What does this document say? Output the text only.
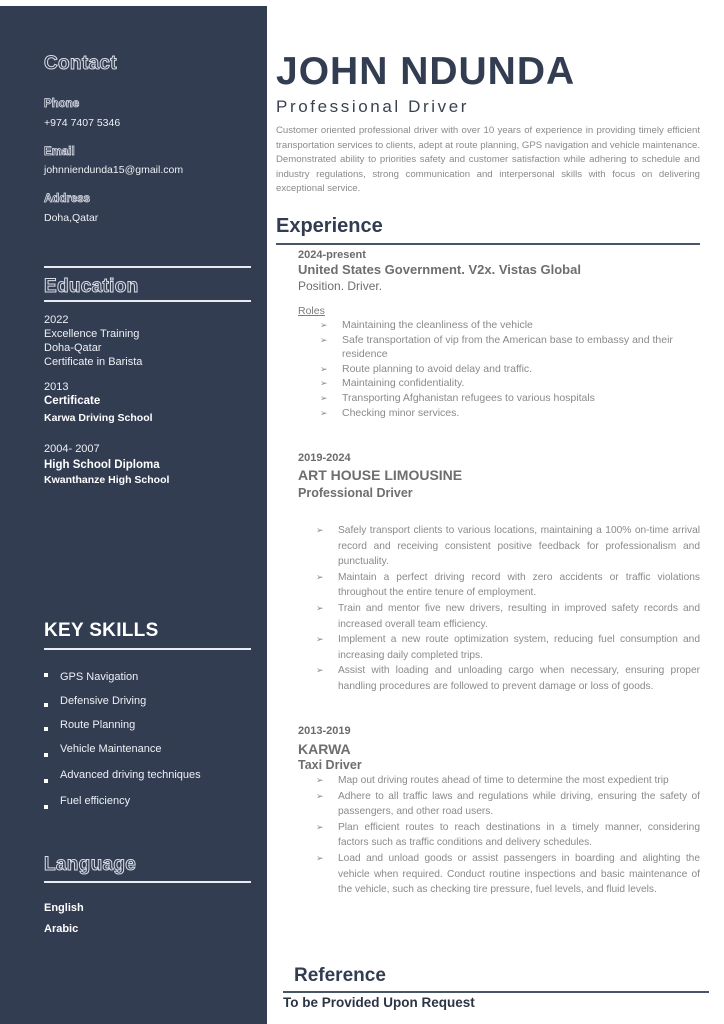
Contact
Phone
+974 7407 5346
Email
johnniendunda15@gmail.com
Address
Doha,Qatar
Education
2022
Excellence Training
Doha-Qatar
Certificate in Barista
2013
Certificate
Karwa Driving School
2004- 2007
High School Diploma
Kwanthanze High School
KEY SKILLS
GPS Navigation
Defensive Driving
Route Planning
Vehicle Maintenance
Advanced driving techniques
Fuel efficiency
Language
English
Arabic
JOHN NDUNDA
Professional Driver
Customer oriented professional driver with over 10 years of experience in providing timely efficient transportation services to clients, adept at route planning, GPS navigation and vehicle maintenance. Demonstrated ability to priorities safety and customer satisfaction while adhering to schedule and industry regulations, strong communication and interpersonal skills with focus on delivering exceptional service.
Experience
2024-present
United States Government. V2x. Vistas Global
Position. Driver.
Roles
➢ Maintaining the cleanliness of the vehicle
➢ Safe transportation of vip from the American base to embassy and their residence
➢ Route planning to avoid delay and traffic.
➢ Maintaining confidentiality.
➢ Transporting Afghanistan refugees to various hospitals
➢ Checking minor services.
2019-2024
ART HOUSE LIMOUSINE
Professional Driver
➢ Safely transport clients to various locations, maintaining a 100% on-time arrival record and receiving consistent positive feedback for professionalism and punctuality.
➢ Maintain a perfect driving record with zero accidents or traffic violations throughout the entire tenure of employment.
➢ Train and mentor five new drivers, resulting in improved safety records and increased overall team efficiency.
➢ Implement a new route optimization system, reducing fuel consumption and increasing daily completed trips.
➢ Assist with loading and unloading cargo when necessary, ensuring proper handling procedures are followed to prevent damage or loss of goods.
2013-2019
KARWA
Taxi Driver
➢ Map out driving routes ahead of time to determine the most expedient trip
➢ Adhere to all traffic laws and regulations while driving, ensuring the safety of passengers, and other road users.
➢ Plan efficient routes to reach destinations in a timely manner, considering factors such as traffic conditions and delivery schedules.
➢ Load and unload goods or assist passengers in boarding and alighting the vehicle when required. Conduct routine inspections and basic maintenance of the vehicle, such as checking tire pressure, fuel levels, and fluid levels.
Reference
To be Provided Upon Request
